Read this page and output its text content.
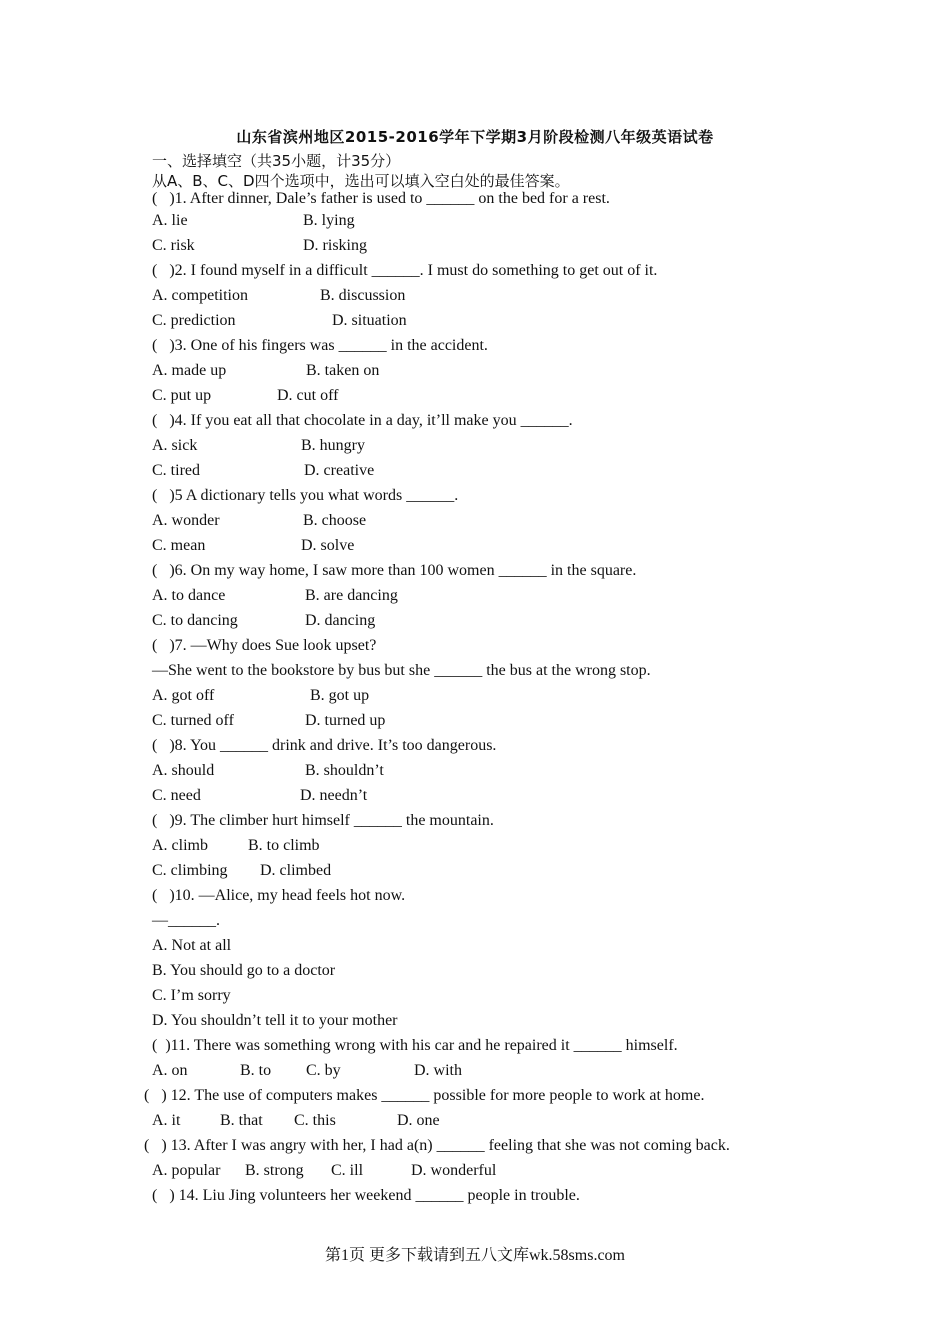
山东省滨州地区2015-2016学年下学期3月阶段检测八年级英语试卷
一、选择填空（共35小题，计35分）
从A、B、C、D四个选项中，选出可以填入空白处的最佳答案。
(   )1. After dinner, Dale’s father is used to ______ on the bed for a rest.
A. lie	B. lying
C. risk	D. risking
(   )2. I found myself in a difficult ______. I must do something to get out of it.
A. competition	B. discussion
C. prediction	D. situation
(   )3. One of his fingers was ______ in the accident.
A. made up	B. taken on
C. put up	D. cut off
(   )4. If you eat all that chocolate in a day, it’ll make you ______.
A. sick	B. hungry
C. tired	D. creative
(   )5 A dictionary tells you what words ______.
A. wonder	B. choose
C. mean	D. solve
(   )6. On my way home, I saw more than 100 women ______ in the square.
A. to dance	B. are dancing
C. to dancing	D. dancing
(   )7. —Why does Sue look upset?
—She went to the bookstore by bus but she ______ the bus at the wrong stop.
A. got off	B. got up
C. turned off	D. turned up
(   )8. You ______ drink and drive. It’s too dangerous.
A. should	B. shouldn’t
C. need	D. needn’t
(   )9. The climber hurt himself ______ the mountain.
A. climb	B. to climb
C. climbing D. climbed
(   )10. —Alice, my head feels hot now.
—______.
A. Not at all
B. You should go to a doctor
C. I’m sorry
D. You shouldn’t tell it to your mother
(  )11. There was something wrong with his car and he repaired it ______ himself.
A. on	B. to C. by	D. with
(   ) 12. The use of computers makes ______ possible for more people to work at home.
A. it B. that C. this	D. one
(   ) 13. After I was angry with her, I had a(n) ______ feeling that she was not coming back.
A. popular B. strong C. ill	D. wonderful
(   ) 14. Liu Jing volunteers her weekend ______ people in trouble.
第1页 更多下载请到五八文库wk.58sms.com
